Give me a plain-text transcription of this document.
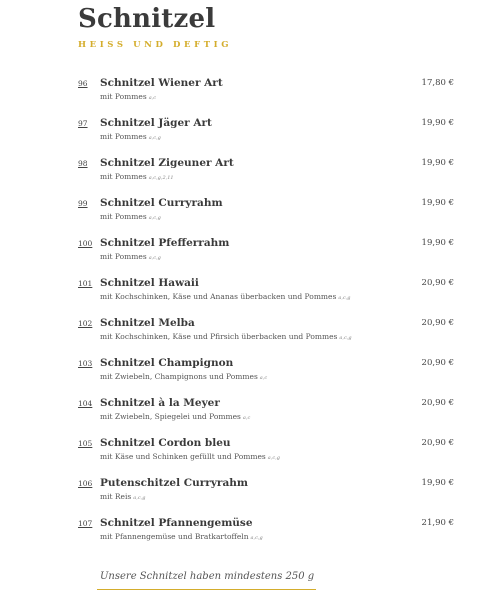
Schnitzel
HEISS UND DEFTIG
96 Schnitzel Wiener Art
mit Pommes a,c
17,80 €
97 Schnitzel Jäger Art
mit Pommes a,c,g
19,90 €
98 Schnitzel Zigeuner Art
mit Pommes a,c,g,2,11
19,90 €
99 Schnitzel Curryrahm
mit Pommes a,c,g
19,90 €
100 Schnitzel Pfefferrahm
mit Pommes a,c,g
19,90 €
101 Schnitzel Hawaii
mit Kochschinken, Käse und Ananas überbacken und Pommes a,c,g
20,90 €
102 Schnitzel Melba
mit Kochschinken, Käse und Pfirsich überbacken und Pommes a,c,g
20,90 €
103 Schnitzel Champignon
mit Zwiebeln, Champignons und Pommes a,c
20,90 €
104 Schnitzel à la Meyer
mit Zwiebeln, Spiegelei und Pommes a,c
20,90 €
105 Schnitzel Cordon bleu
mit Käse und Schinken gefüllt und Pommes a,c,g
20,90 €
106 Putenschitzel Curryrahm
mit Reis a,c,g
19,90 €
107 Schnitzel Pfannengemüse
mit Pfannengemüse und Bratkartoffeln a,c,g
21,90 €
Unsere Schnitzel haben mindestens 250 g
